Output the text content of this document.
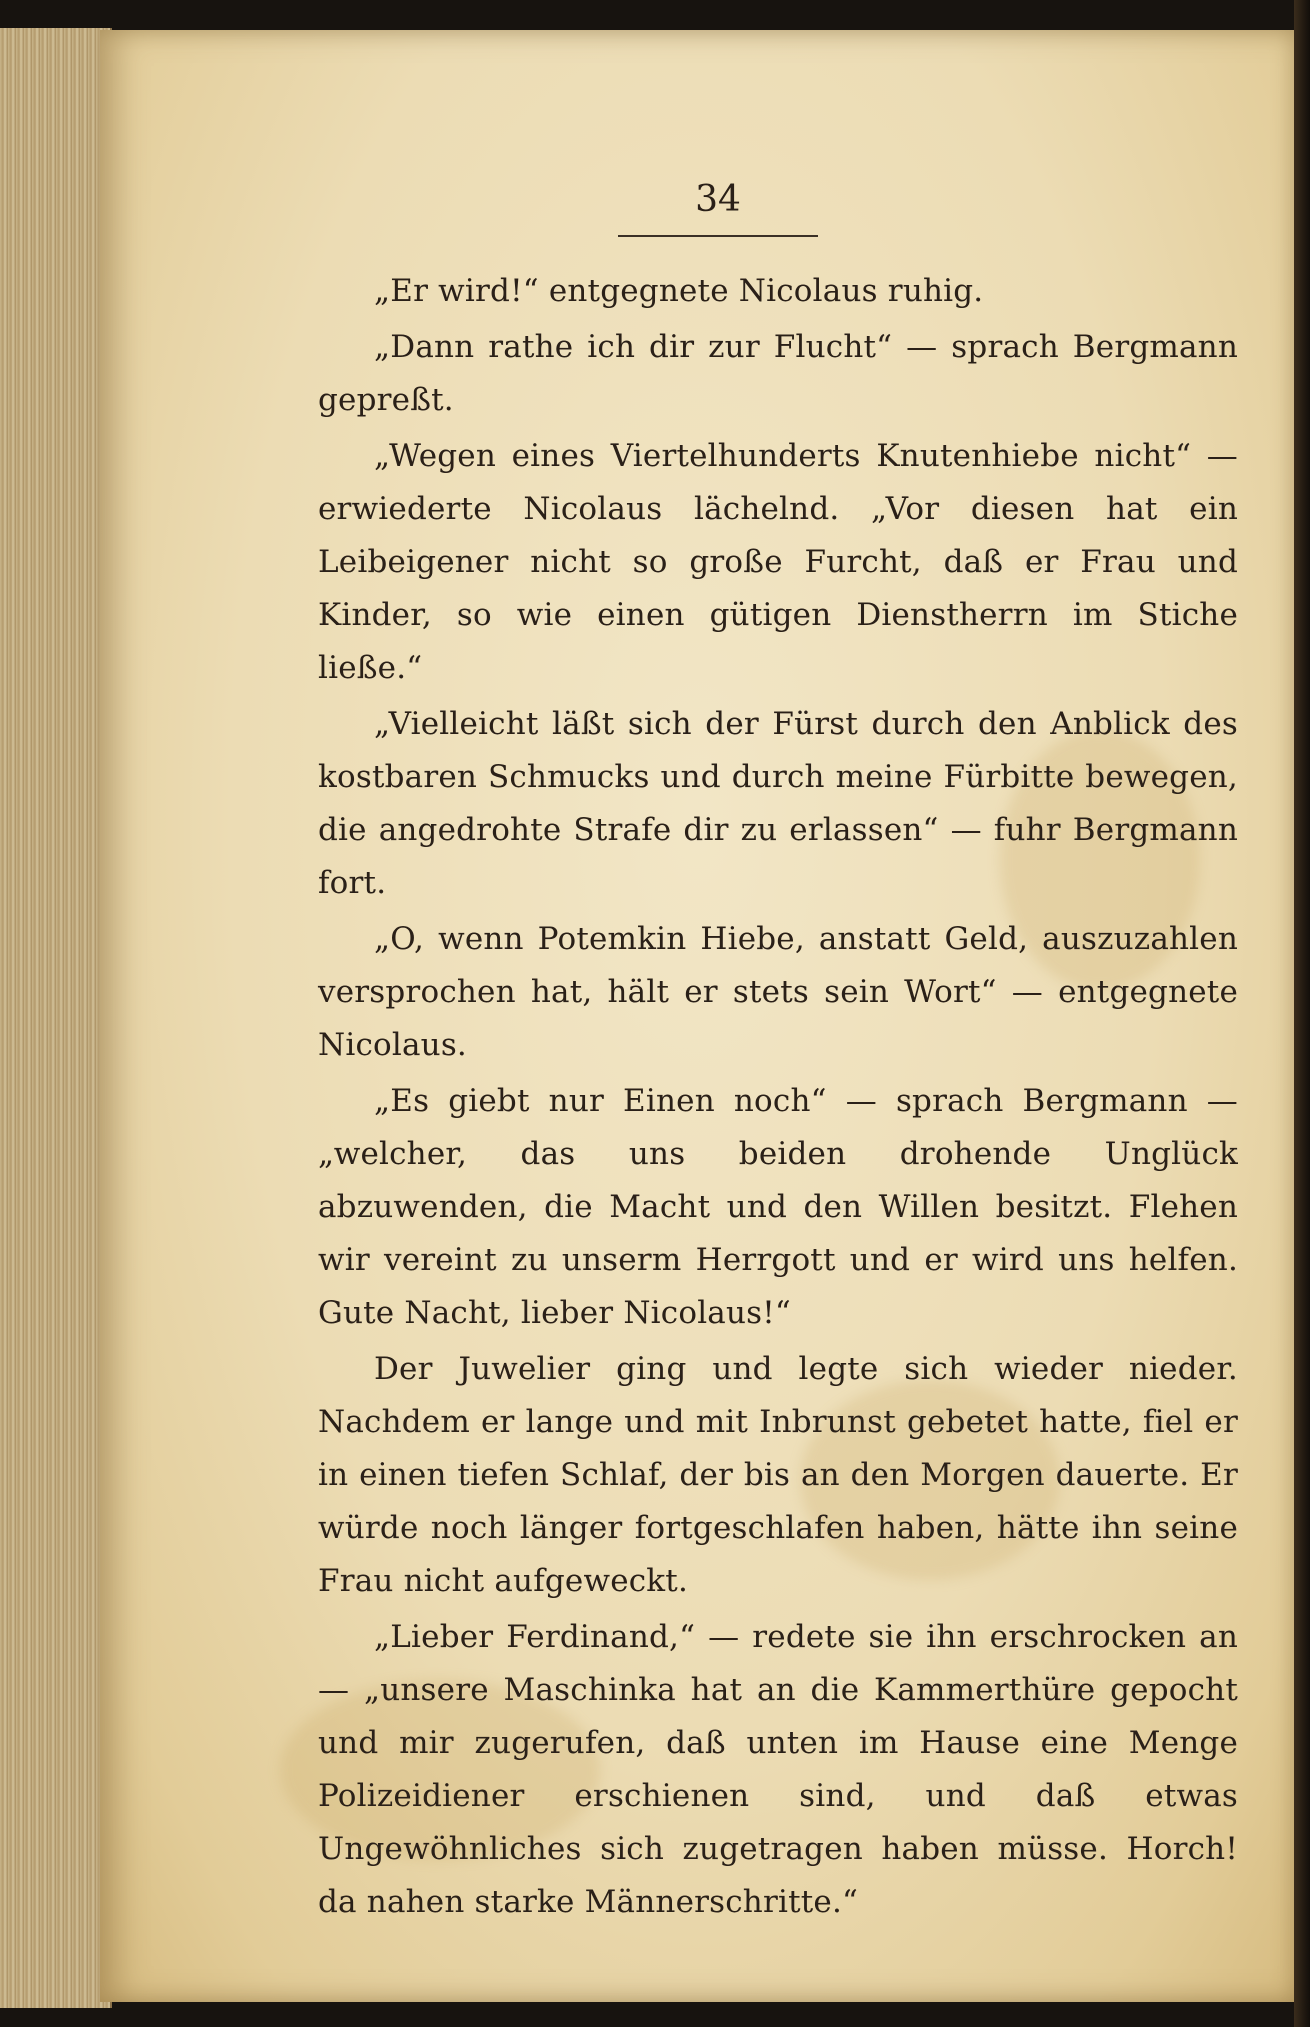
34

„Er wird!“ entgegnete Nicolaus ruhig.

„Dann rathe ich dir zur Flucht“ — sprach Bergmann gepreßt.

„Wegen eines Viertelhunderts Knutenhiebe nicht“ — erwiederte Nicolaus lächelnd. „Vor diesen hat ein Leibeigener nicht so große Furcht, daß er Frau und Kinder, so wie einen gütigen Dienstherrn im Stiche ließe.“

„Vielleicht läßt sich der Fürst durch den Anblick des kostbaren Schmucks und durch meine Fürbitte bewegen, die angedrohte Strafe dir zu erlassen“ — fuhr Bergmann fort.

„O, wenn Potemkin Hiebe, anstatt Geld, auszuzahlen versprochen hat, hält er stets sein Wort“ — entgegnete Nicolaus.

„Es giebt nur Einen noch“ — sprach Bergmann — „welcher, das uns beiden drohende Unglück abzuwenden, die Macht und den Willen besitzt. Flehen wir vereint zu unserm Herrgott und er wird uns helfen. Gute Nacht, lieber Nicolaus!“

Der Juwelier ging und legte sich wieder nieder. Nachdem er lange und mit Inbrunst gebetet hatte, fiel er in einen tiefen Schlaf, der bis an den Morgen dauerte. Er würde noch länger fortgeschlafen haben, hätte ihn seine Frau nicht aufgeweckt.

„Lieber Ferdinand,“ — redete sie ihn erschrocken an — „unsere Maschinka hat an die Kammerthüre gepocht und mir zugerufen, daß unten im Hause eine Menge Polizeidiener erschienen sind, und daß etwas Ungewöhnliches sich zugetragen haben müsse. Horch! da nahen starke Männerschritte.“
